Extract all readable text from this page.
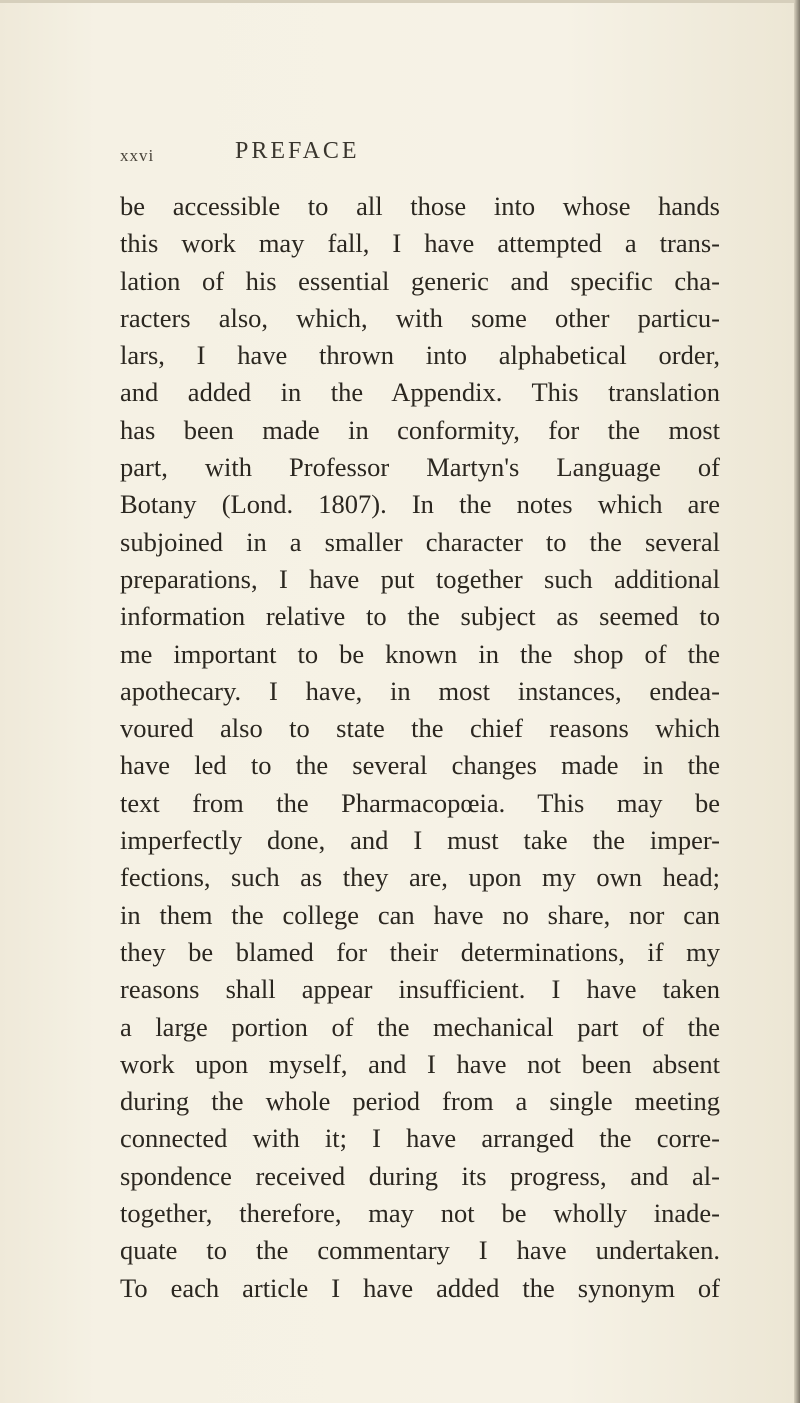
xxvi	PREFACE
be accessible to all those into whose hands
this work may fall, I have attempted a trans-
lation of his essential generic and specific cha-
racters also, which, with some other particu-
lars, I have thrown into alphabetical order,
and added in the Appendix. This translation
has been made in conformity, for the most
part, with Professor Martyn's Language of
Botany (Lond. 1807). In the notes which are
subjoined in a smaller character to the several
preparations, I have put together such additional
information relative to the subject as seemed to
me important to be known in the shop of the
apothecary. I have, in most instances, endea-
voured also to state the chief reasons which
have led to the several changes made in the
text from the Pharmacopœia. This may be
imperfectly done, and I must take the imper-
fections, such as they are, upon my own head;
in them the college can have no share, nor can
they be blamed for their determinations, if my
reasons shall appear insufficient. I have taken
a large portion of the mechanical part of the
work upon myself, and I have not been absent
during the whole period from a single meeting
connected with it; I have arranged the corre-
spondence received during its progress, and al-
together, therefore, may not be wholly inade-
quate to the commentary I have undertaken.
To each article I have added the synonym of
